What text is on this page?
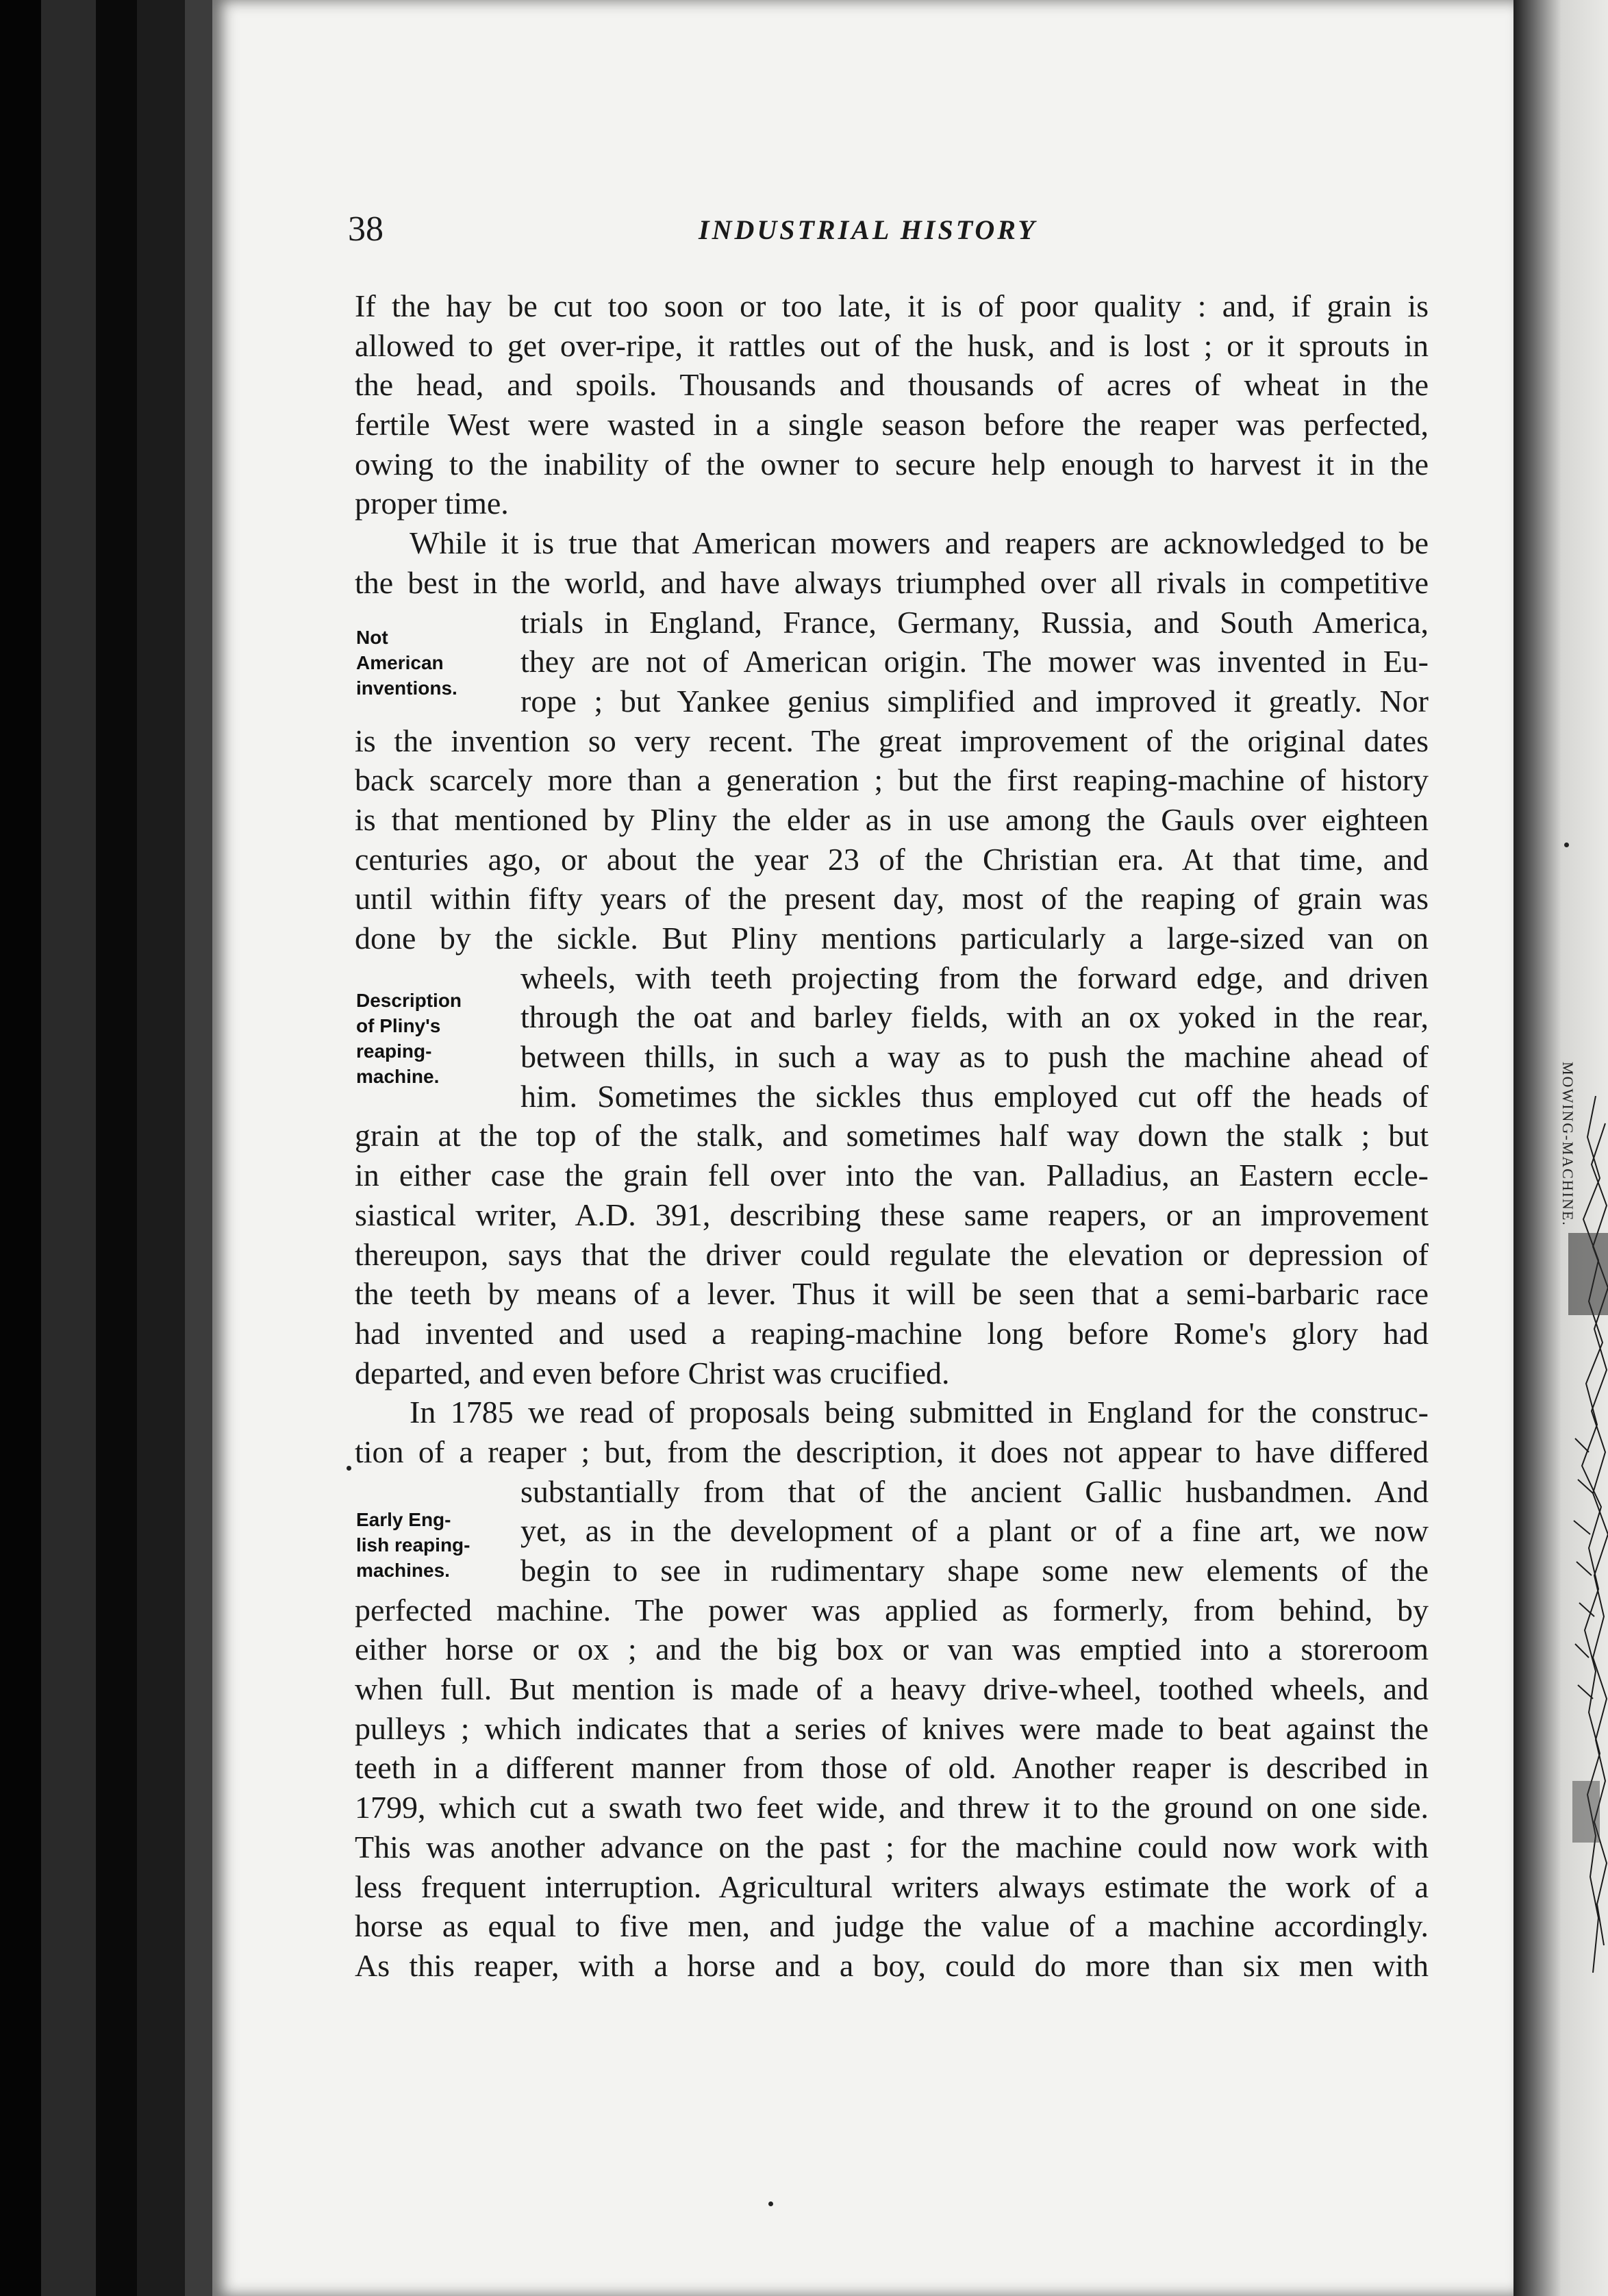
MOWING-MACHINE.
38	INDUSTRIAL HISTORY
If the hay be cut too soon or too late, it is of poor quality : and, if grain is
allowed to get over-ripe, it rattles out of the husk, and is lost ; or it sprouts in
the head, and spoils. Thousands and thousands of acres of wheat in the
fertile West were wasted in a single season before the reaper was perfected,
owing to the inability of the owner to secure help enough to harvest it in the
proper time.
While it is true that American mowers and reapers are acknowledged to be
the best in the world, and have always triumphed over all rivals in competitive
trials in England, France, Germany, Russia, and South America,
they are not of American origin. The mower was invented in Eu-
rope ; but Yankee genius simplified and improved it greatly. Nor
is the invention so very recent. The great improvement of the original dates
back scarcely more than a generation ; but the first reaping-machine of history
is that mentioned by Pliny the elder as in use among the Gauls over eighteen
centuries ago, or about the year 23 of the Christian era. At that time, and
until within fifty years of the present day, most of the reaping of grain was
done by the sickle. But Pliny mentions particularly a large-sized van on
wheels, with teeth projecting from the forward edge, and driven
through the oat and barley fields, with an ox yoked in the rear,
between thills, in such a way as to push the machine ahead of
him. Sometimes the sickles thus employed cut off the heads of
grain at the top of the stalk, and sometimes half way down the stalk ; but
in either case the grain fell over into the van. Palladius, an Eastern eccle-
siastical writer, A.D. 391, describing these same reapers, or an improvement
thereupon, says that the driver could regulate the elevation or depression of
the teeth by means of a lever. Thus it will be seen that a semi-barbaric race
had invented and used a reaping-machine long before Rome's glory had
departed, and even before Christ was crucified.
In 1785 we read of proposals being submitted in England for the construc-
tion of a reaper ; but, from the description, it does not appear to have differed
substantially from that of the ancient Gallic husbandmen. And
yet, as in the development of a plant or of a fine art, we now
begin to see in rudimentary shape some new elements of the
perfected machine. The power was applied as formerly, from behind, by
either horse or ox ; and the big box or van was emptied into a storeroom
when full. But mention is made of a heavy drive-wheel, toothed wheels, and
pulleys ; which indicates that a series of knives were made to beat against the
teeth in a different manner from those of old. Another reaper is described in
1799, which cut a swath two feet wide, and threw it to the ground on one side.
This was another advance on the past ; for the machine could now work with
less frequent interruption. Agricultural writers always estimate the work of a
horse as equal to five men, and judge the value of a machine accordingly.
As this reaper, with a horse and a boy, could do more than six men with
Not
American
inventions.
Description
of Pliny's
reaping-
machine.
Early Eng-
lish reaping-
machines.
